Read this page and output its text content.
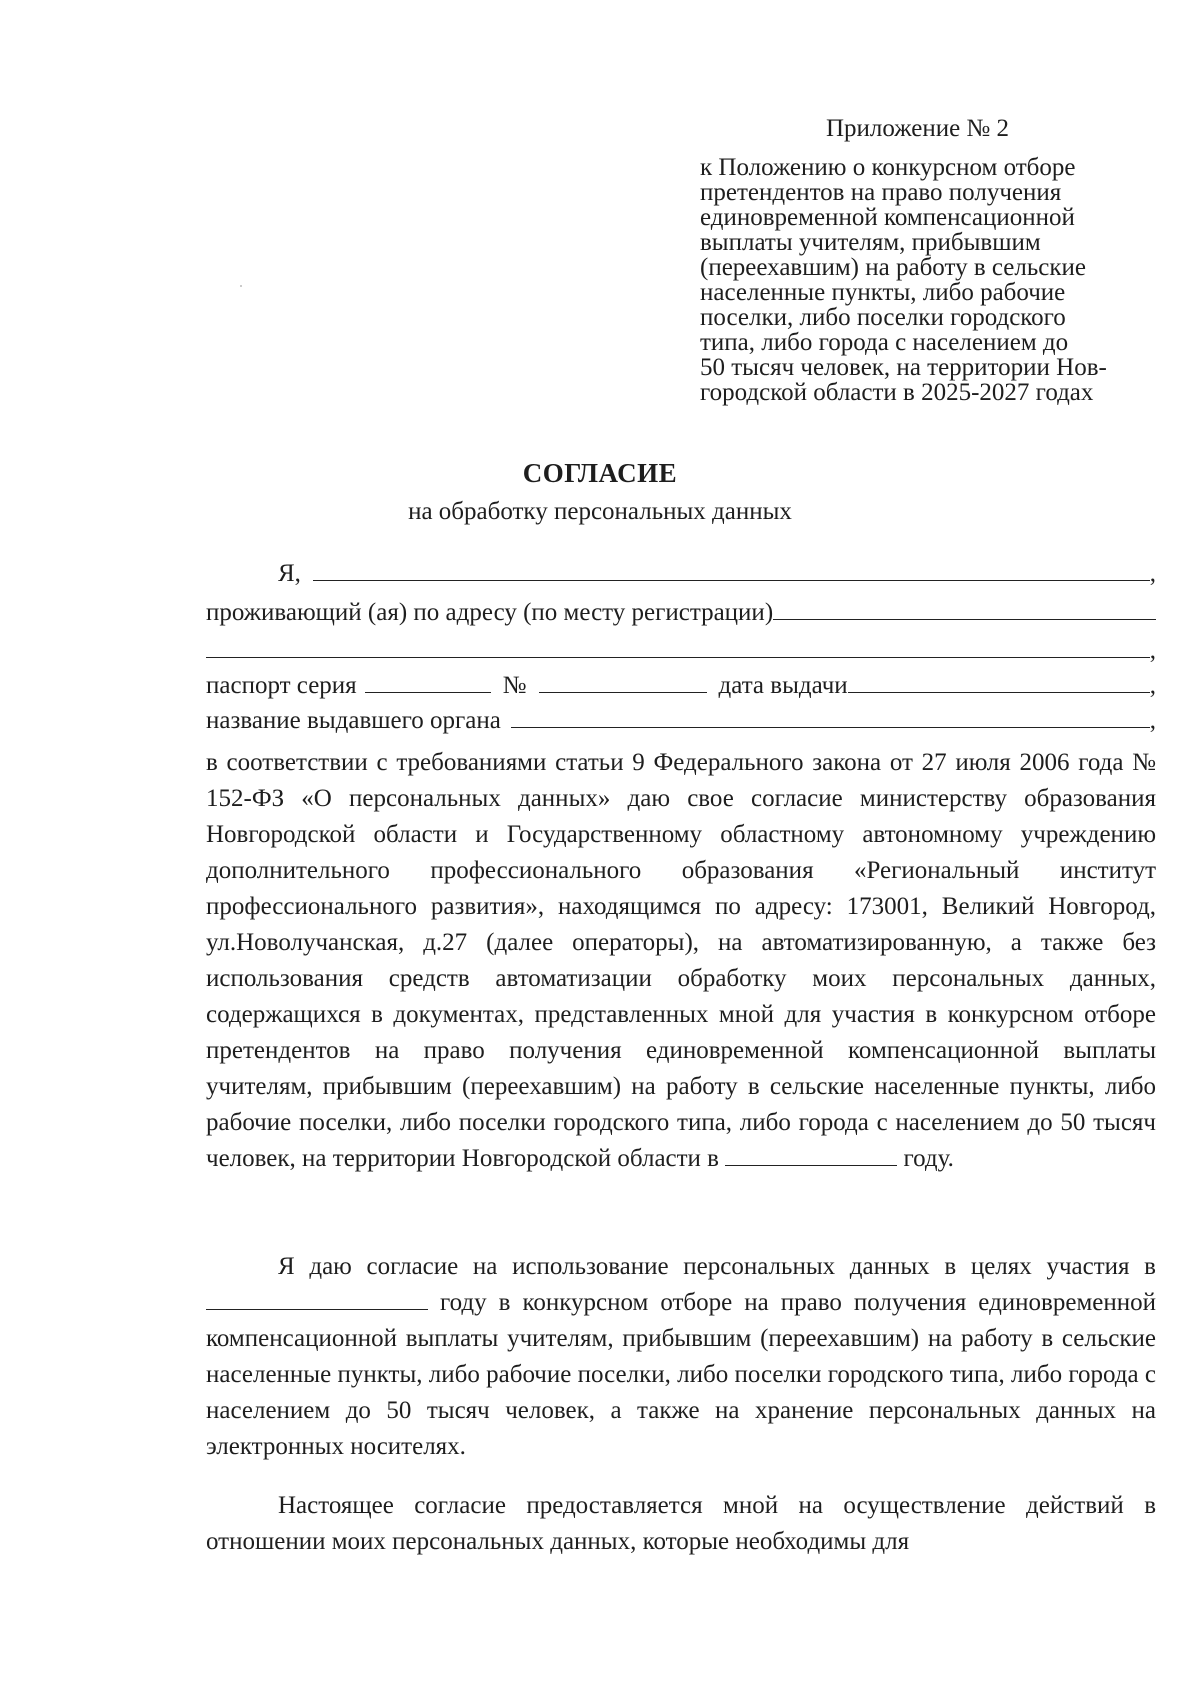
Приложение № 2
к Положению о конкурсном отборе
претендентов на право получения
единовременной компенсационной
выплаты учителям, прибывшим
(переехавшим) на работу в сельские
населенные пункты, либо рабочие
поселки, либо поселки городского
типа, либо города с населением до
50 тысяч человек, на территории Нов-
городской области в 2025-2027 годах
СОГЛАСИЕ
на обработку персональных данных
Я,	,
проживающий (ая) по адресу (по месту регистрации)
,
паспорт серия	№	дата выдачи	,
название выдавшего органа	,
в соответствии с требованиями статьи 9 Федерального закона от 27 июля 2006 года № 152-ФЗ «О персональных данных» даю свое согласие министерству образования Новгородской области и Государственному областному автономному учреждению дополнительного профессионального образования «Региональный институт профессионального развития», находящимся по адресу: 173001, Великий Новгород, ул.Новолучанская, д.27 (далее операторы), на автоматизированную, а также без использования средств автоматизации обработку моих персональных данных, содержащихся в документах, представленных мной для участия в конкурсном отборе претендентов на право получения единовременной компенсационной выплаты учителям, прибывшим (переехавшим) на работу в сельские населенные пункты, либо рабочие поселки, либо поселки городского типа, либо города с населением до 50 тысяч человек, на территории Новгородской области в	году.
Я даю согласие на использование персональных данных в целях участия в  году в конкурсном отборе на право получения единовременной компенсационной выплаты учителям, прибывшим (переехавшим) на работу в сельские населенные пункты, либо рабочие поселки, либо поселки городского типа, либо города с населением до 50 тысяч человек, а также на хранение персональных данных на электронных носителях.
Настоящее согласие предоставляется мной на осуществление действий в отношении моих персональных данных, которые необходимы для
